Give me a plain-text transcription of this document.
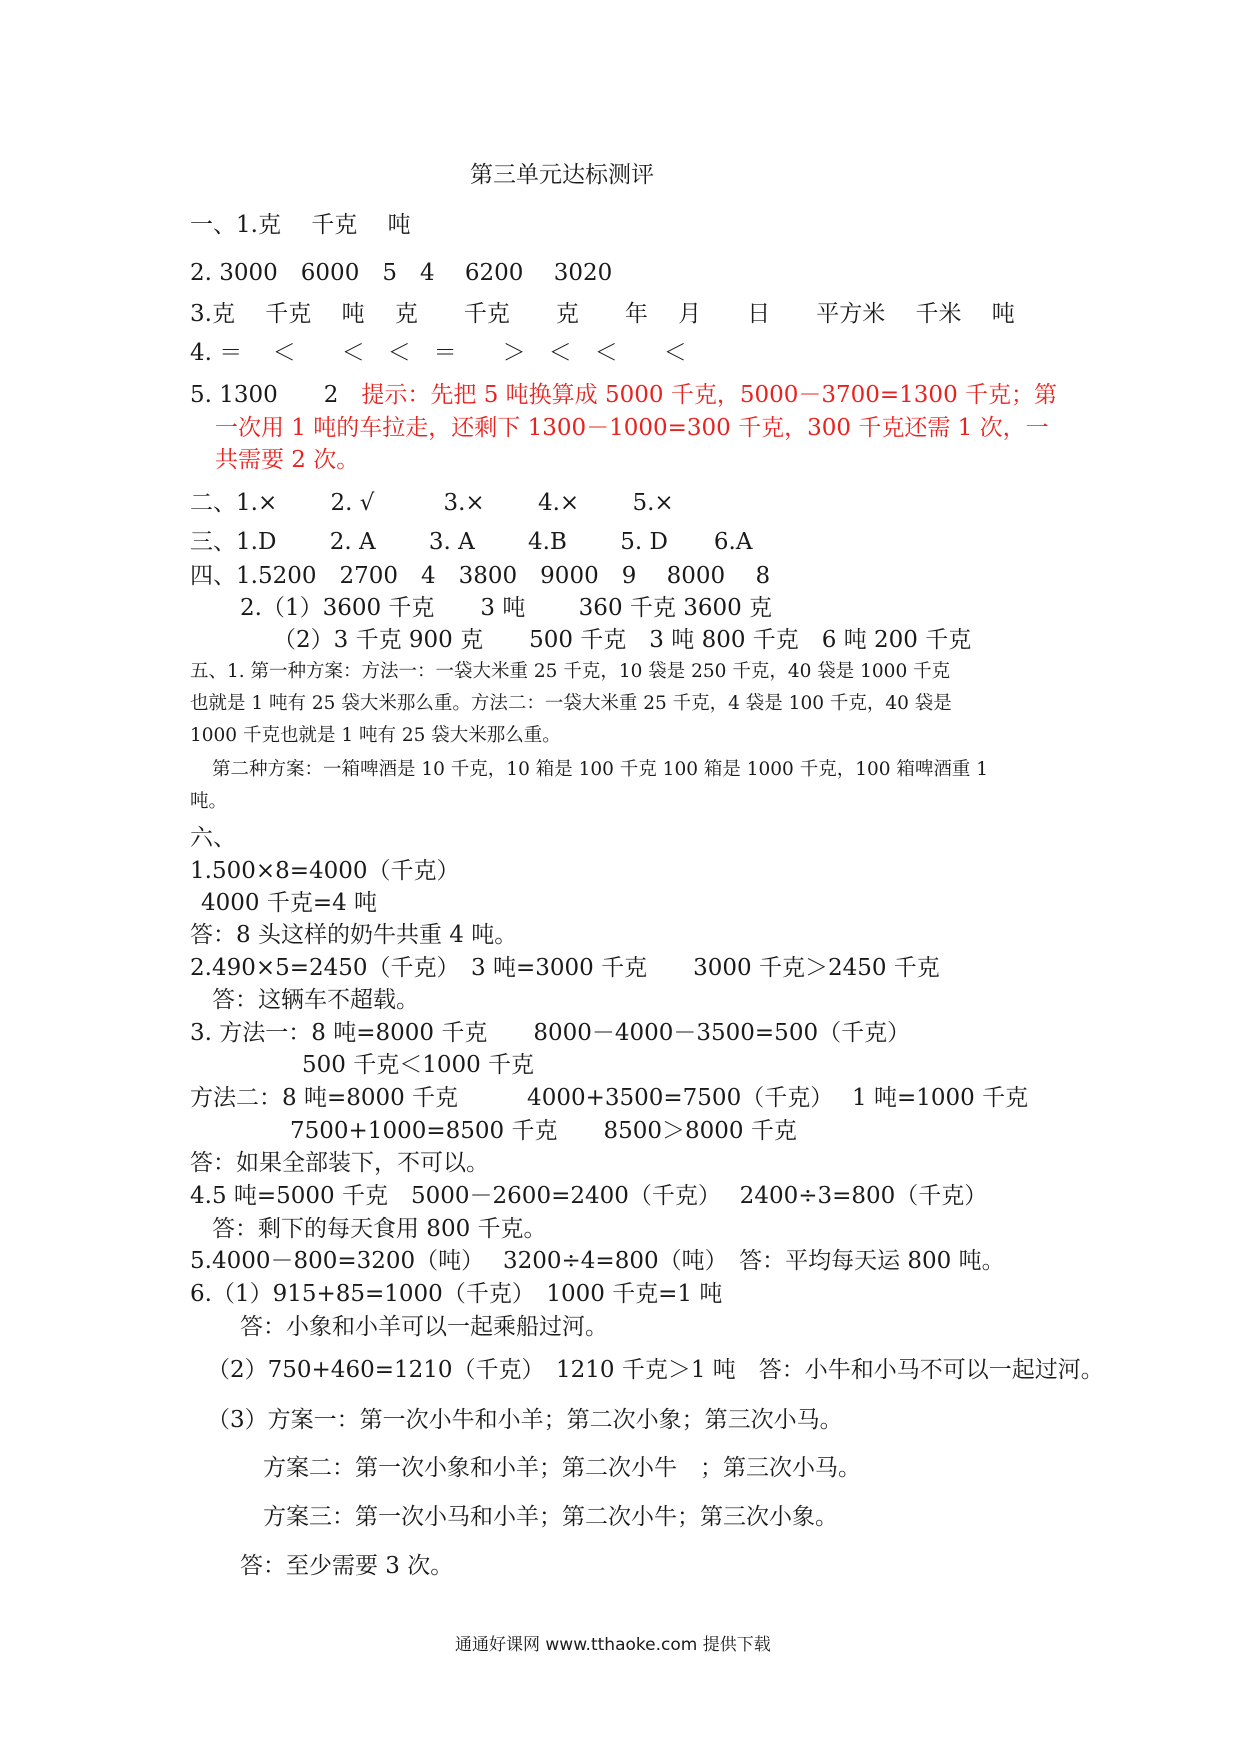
第三单元达标测评
一、1.克　 千克　 吨
2. 3000　6000　5　4　 6200　 3020
3.克　 千克　 吨　 克　　千克　　克　　年　 月　　日　　平方米　 千米　 吨
4. ＝　 ＜　　＜　＜　＝　　＞　＜　＜　　＜
5. 1300　　2　提示：先把 5 吨换算成 5000 千克，5000－3700=1300 千克；第
一次用 1 吨的车拉走，还剩下 1300－1000=300 千克，300 千克还需 1 次，一
共需要 2 次。
二、1.×　　 2. √　　　3.×　　 4.×　　 5.×
三、1.D　　 2. A　　 3. A　　 4.B　　 5. D　　6.A
四、1.5200　2700　4　3800　9000　9　 8000　 8
2.（1）3600 千克　　3 吨　　 360 千克 3600 克
（2）3 千克 900 克　　500 千克　3 吨 800 千克　6 吨 200 千克
五、1. 第一种方案：方法一：一袋大米重 25 千克，10 袋是 250 千克，40 袋是 1000 千克
也就是 1 吨有 25 袋大米那么重。方法二：一袋大米重 25 千克，4 袋是 100 千克，40 袋是
1000 千克也就是 1 吨有 25 袋大米那么重。
第二种方案：一箱啤酒是 10 千克，10 箱是 100 千克 100 箱是 1000 千克，100 箱啤酒重 1
吨。
六、
1.500×8=4000（千克）
4000 千克=4 吨
答：8 头这样的奶牛共重 4 吨。
2.490×5=2450（千克）　3 吨=3000 千克　　3000 千克＞2450 千克
答：这辆车不超载。
3. 方法一：8 吨=8000 千克　　8000－4000－3500=500（千克）
500 千克＜1000 千克
方法二：8 吨=8000 千克　　　4000+3500=7500（千克）　 1 吨=1000 千克
7500+1000=8500 千克　　8500＞8000 千克
答：如果全部装下，不可以。
4.5 吨=5000 千克　5000－2600=2400（千克）　 2400÷3=800（千克）
答：剩下的每天食用 800 千克。
5.4000－800=3200（吨）　 3200÷4=800（吨）　答：平均每天运 800 吨。
6.（1）915+85=1000（千克）　1000 千克=1 吨
答：小象和小羊可以一起乘船过河。
（2）750+460=1210（千克）　1210 千克＞1 吨　答：小牛和小马不可以一起过河。
（3）方案一：第一次小牛和小羊；第二次小象；第三次小马。
方案二：第一次小象和小羊；第二次小牛　；第三次小马。
方案三：第一次小马和小羊；第二次小牛；第三次小象。
答：至少需要 3 次。
通通好课网 www.tthaoke.com 提供下载
